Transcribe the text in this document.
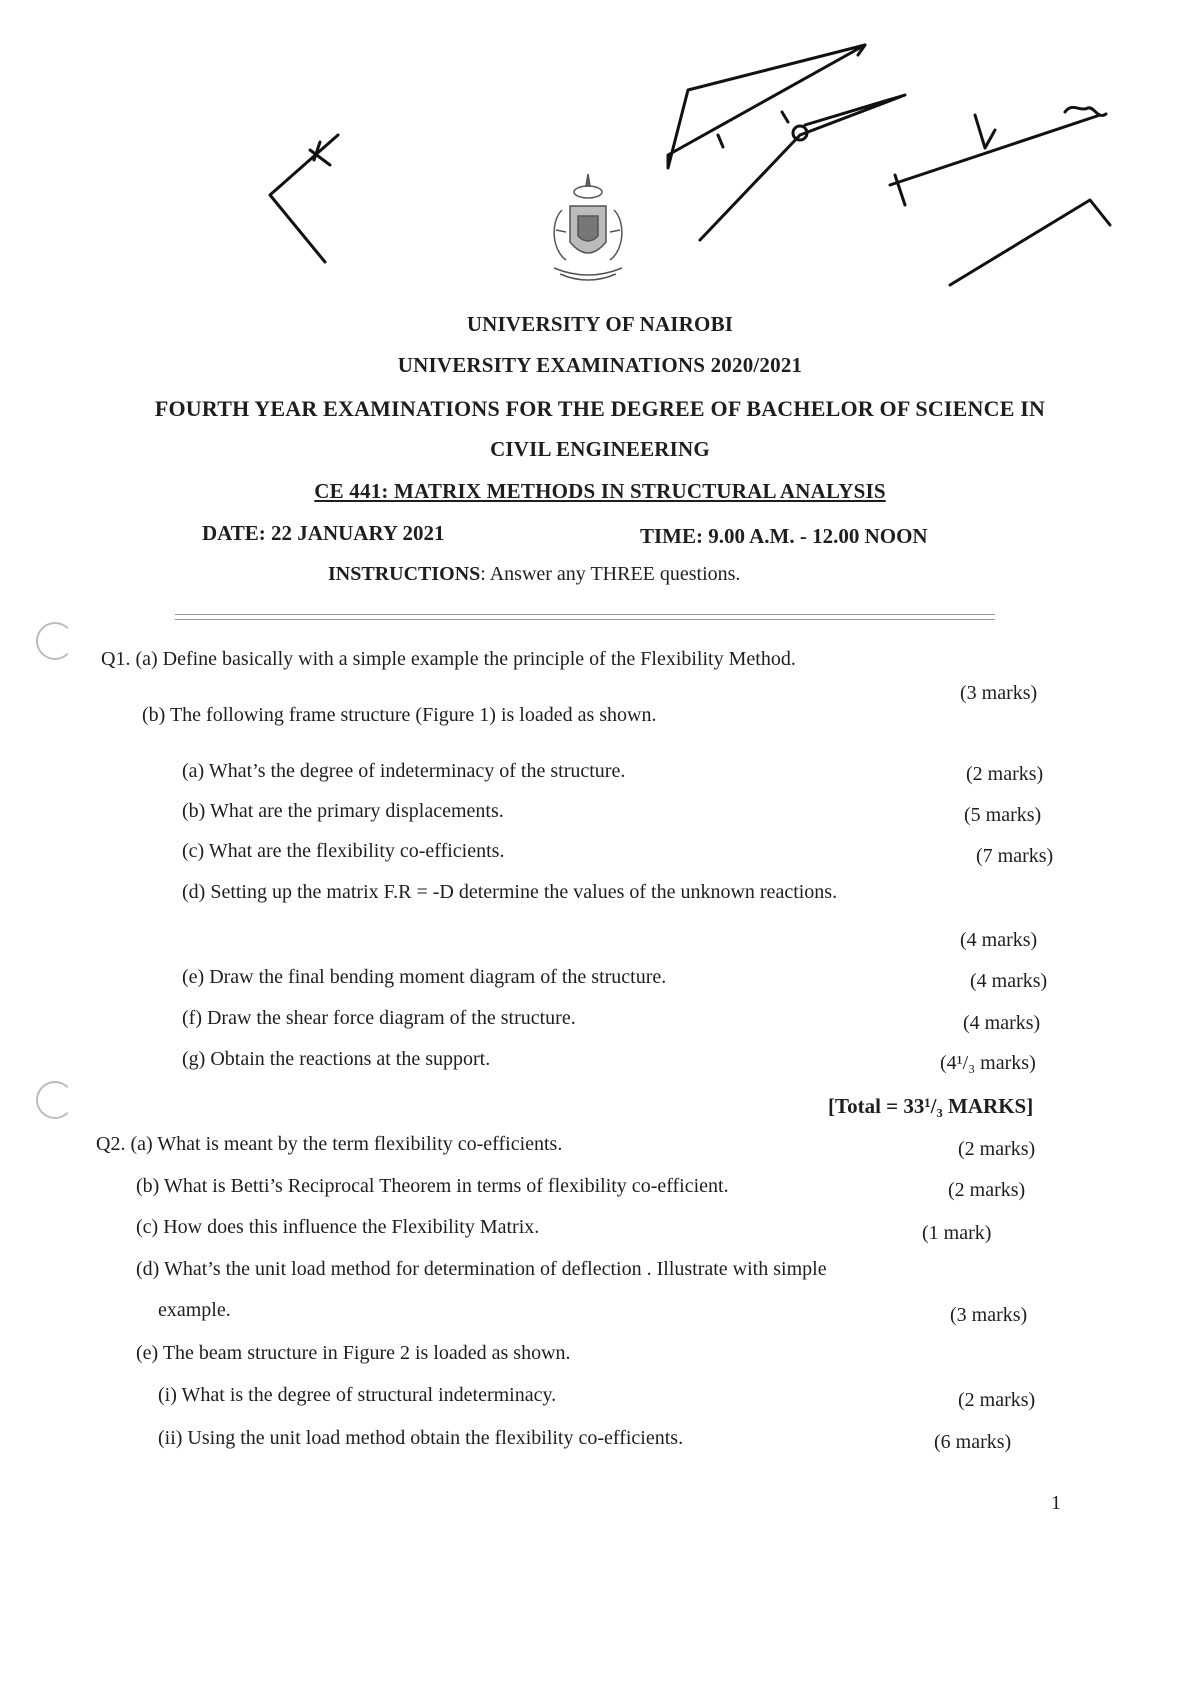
UNIVERSITY OF NAIROBI
UNIVERSITY EXAMINATIONS 2020/2021
FOURTH YEAR EXAMINATIONS FOR THE DEGREE OF BACHELOR OF SCIENCE IN
CIVIL ENGINEERING
CE 441: MATRIX METHODS IN STRUCTURAL ANALYSIS
DATE: 22 JANUARY 2021	TIME: 9.00 A.M. - 12.00 NOON
INSTRUCTIONS: Answer any THREE questions.
Q1. (a) Define basically with a simple example the principle of the Flexibility Method.
(3 marks)
(b) The following frame structure (Figure 1) is loaded as shown.
(a) What’s the degree of indeterminacy of the structure.	(2 marks)
(b) What are the primary displacements.	(5 marks)
(c) What are the flexibility co-efficients.	(7 marks)
(d) Setting up the matrix F.R = -D determine the values of the unknown reactions.
(4 marks)
(e) Draw the final bending moment diagram of the structure.	(4 marks)
(f) Draw the shear force diagram of the structure.	(4 marks)
(g) Obtain the reactions at the support.	(4¹/₃ marks)
[Total = 33¹/₃ MARKS]
Q2. (a) What is meant by the term flexibility co-efficients.	(2 marks)
(b) What is Betti’s Reciprocal Theorem in terms of flexibility co-efficient.	(2 marks)
(c) How does this influence the Flexibility Matrix.	(1 mark)
(d) What’s the unit load method for determination of deflection . Illustrate with simple
example.	(3 marks)
(e) The beam structure in Figure 2 is loaded as shown.
(i) What is the degree of structural indeterminacy.	(2 marks)
(ii) Using the unit load method obtain the flexibility co-efficients.	(6 marks)
1
